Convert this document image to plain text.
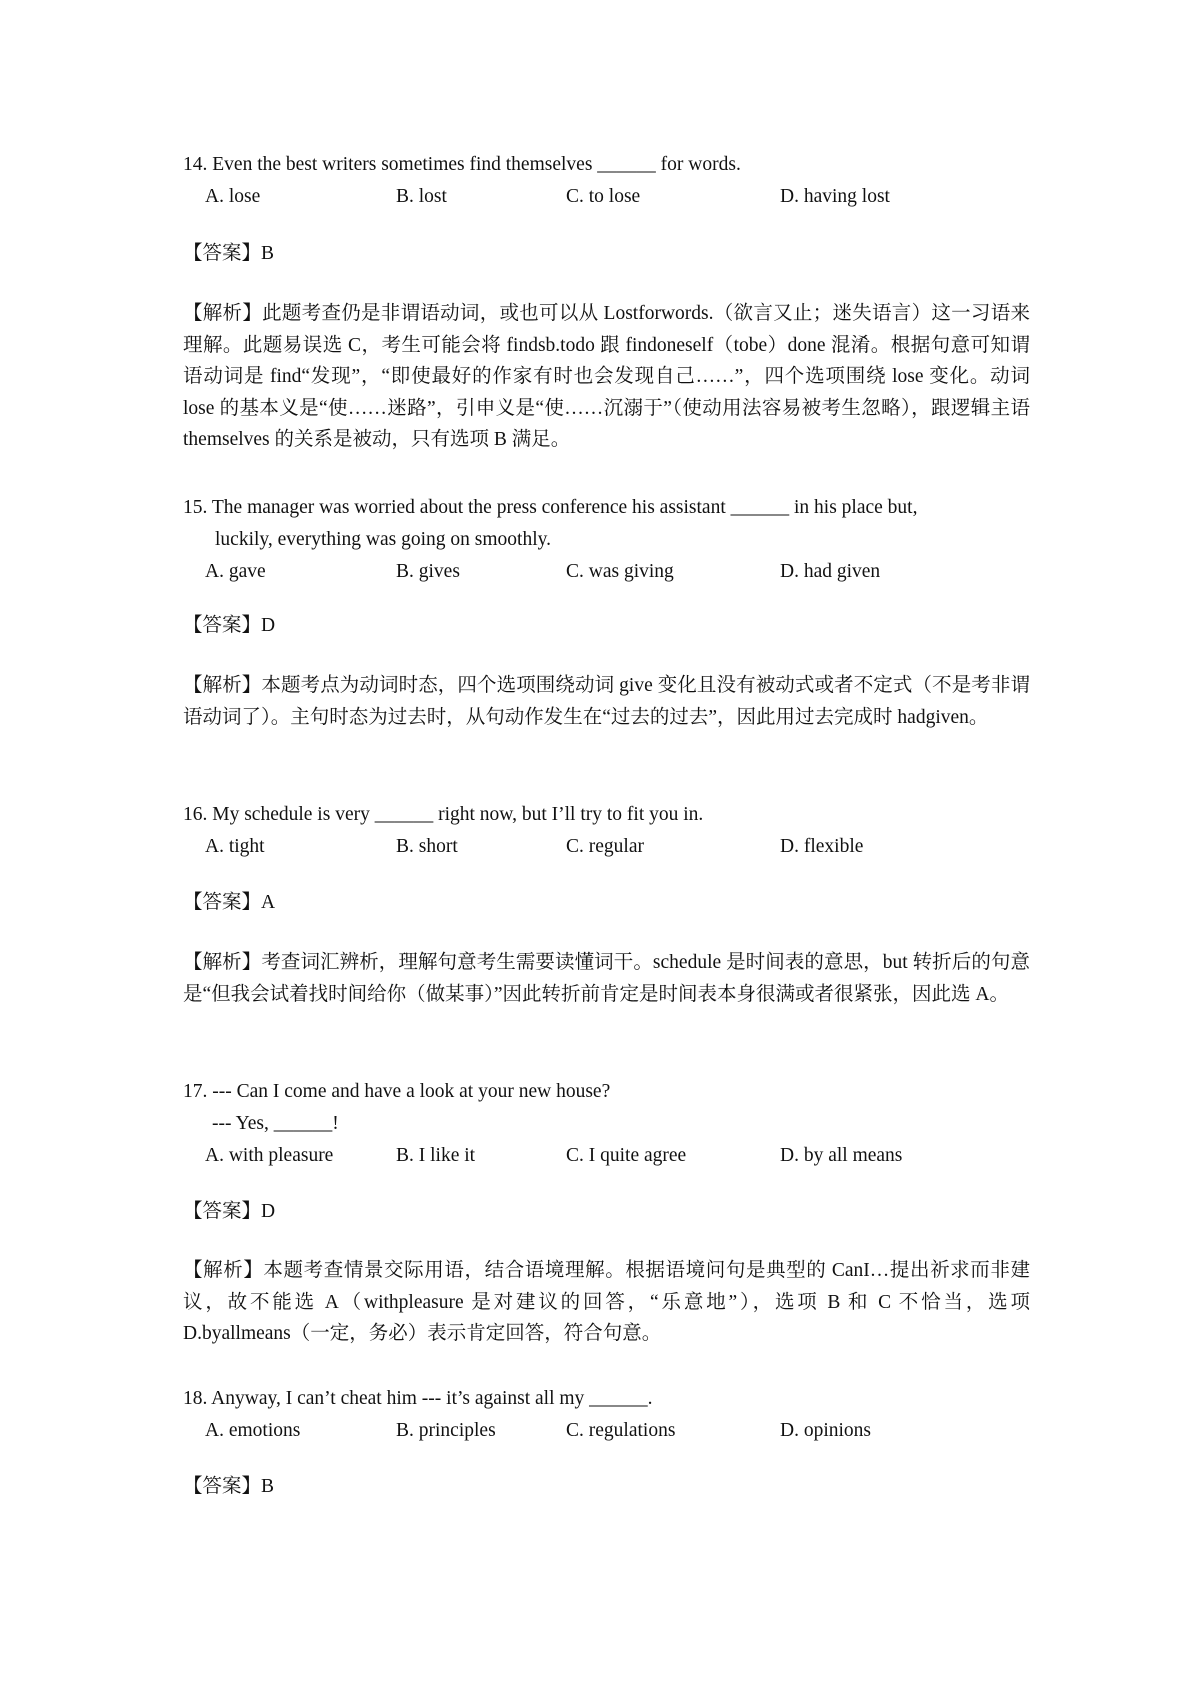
14. Even the best writers sometimes find themselves ______ for words.
A. lose	B. lost	C. to lose	D. having lost
【答案】B
【解析】此题考查仍是非谓语动词，或也可以从 Lostforwords.（欲言又止；迷失语言）这一习语来理解。此题易误选 C，考生可能会将 findsb.todo 跟 findoneself（tobe）done 混淆。根据句意可知谓语动词是 find“发现”，“即使最好的作家有时也会发现自己……”，四个选项围绕 lose 变化。动词 lose 的基本义是“使……迷路”，引申义是“使……沉溺于”（使动用法容易被考生忽略），跟逻辑主语 themselves 的关系是被动，只有选项 B 满足。
15. The manager was worried about the press conference his assistant ______ in his place but,
luckily, everything was going on smoothly.
A. gave	B. gives	C. was giving	D. had given
【答案】D
【解析】本题考点为动词时态，四个选项围绕动词 give 变化且没有被动式或者不定式（不是考非谓语动词了）。主句时态为过去时，从句动作发生在“过去的过去”，因此用过去完成时 hadgiven。
16. My schedule is very ______ right now, but I’ll try to fit you in.
A. tight	B. short	C. regular	D. flexible
【答案】A
【解析】考查词汇辨析，理解句意考生需要读懂词干。schedule 是时间表的意思，but 转折后的句意是“但我会试着找时间给你（做某事）”因此转折前肯定是时间表本身很满或者很紧张，因此选 A。
17. --- Can I come and have a look at your new house?
--- Yes, ______!
A. with pleasure	B. I like it	C. I quite agree	D. by all means
【答案】D
【解析】本题考查情景交际用语，结合语境理解。根据语境问句是典型的 CanI…提出祈求而非建议，故不能选 A（withpleasure 是对建议的回答，“乐意地”），选项 B 和 C 不恰当，选项 D.byallmeans（一定，务必）表示肯定回答，符合句意。
18. Anyway, I can’t cheat him --- it’s against all my ______.
A. emotions	B. principles	C. regulations	D. opinions
【答案】B
